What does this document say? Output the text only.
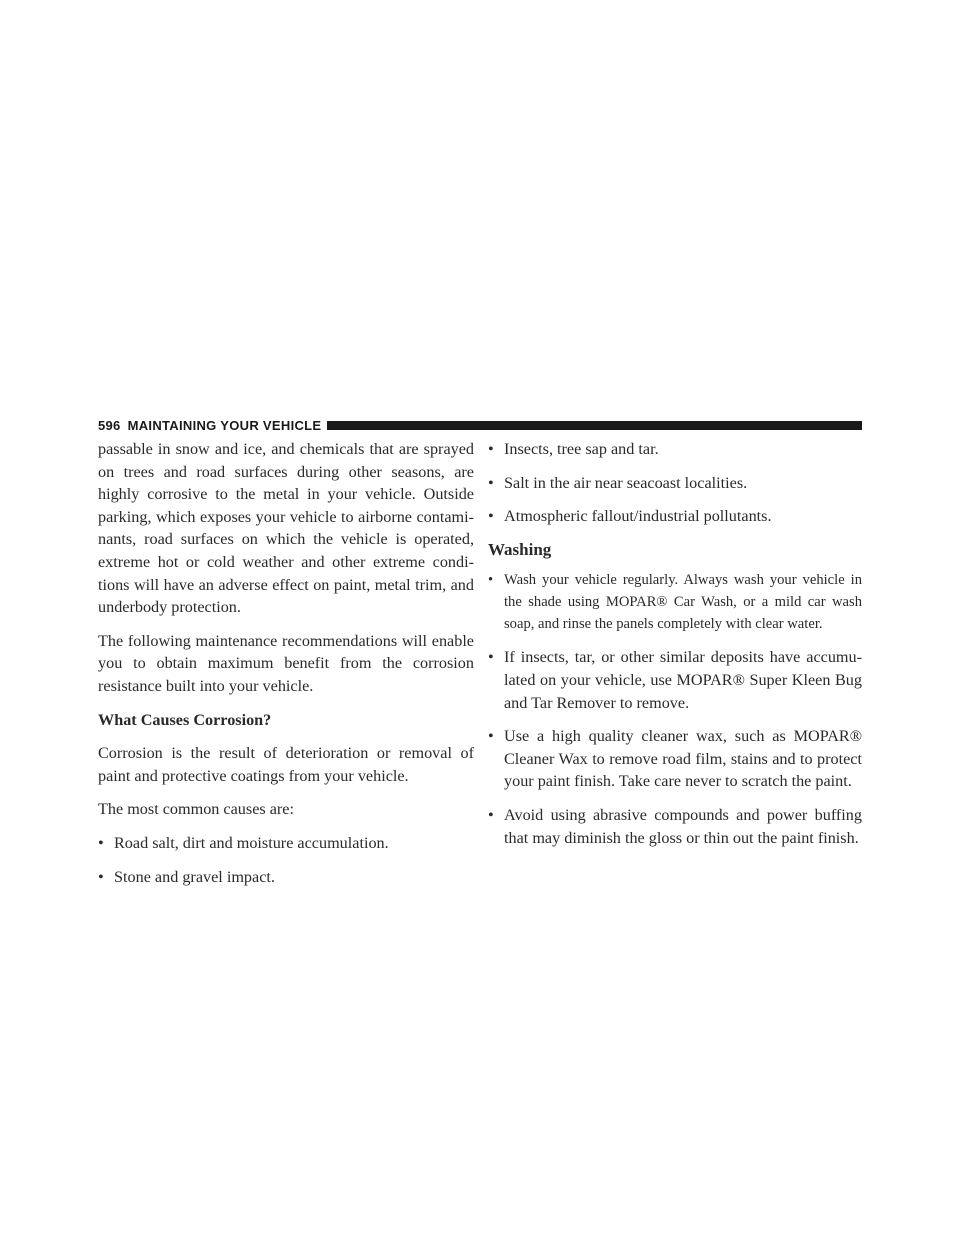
596 MAINTAINING YOUR VEHICLE

passable in snow and ice, and chemicals that are sprayed on trees and road surfaces during other seasons, are highly corrosive to the metal in your vehicle. Outside parking, which exposes your vehicle to airborne contami-nants, road surfaces on which the vehicle is operated, extreme hot or cold weather and other extreme condi-tions will have an adverse effect on paint, metal trim, and underbody protection.

The following maintenance recommendations will enable you to obtain maximum benefit from the corrosion resistance built into your vehicle.

What Causes Corrosion?

Corrosion is the result of deterioration or removal of paint and protective coatings from your vehicle.

The most common causes are:

• Road salt, dirt and moisture accumulation.
• Stone and gravel impact.
• Insects, tree sap and tar.
• Salt in the air near seacoast localities.
• Atmospheric fallout/industrial pollutants.
Washing
• Wash your vehicle regularly. Always wash your vehicle in the shade using MOPAR® Car Wash, or a mild car wash soap, and rinse the panels completely with clear water.
• If insects, tar, or other similar deposits have accumu-lated on your vehicle, use MOPAR® Super Kleen Bug and Tar Remover to remove.
• Use a high quality cleaner wax, such as MOPAR® Cleaner Wax to remove road film, stains and to protect your paint finish. Take care never to scratch the paint.
• Avoid using abrasive compounds and power buffing that may diminish the gloss or thin out the paint finish.
